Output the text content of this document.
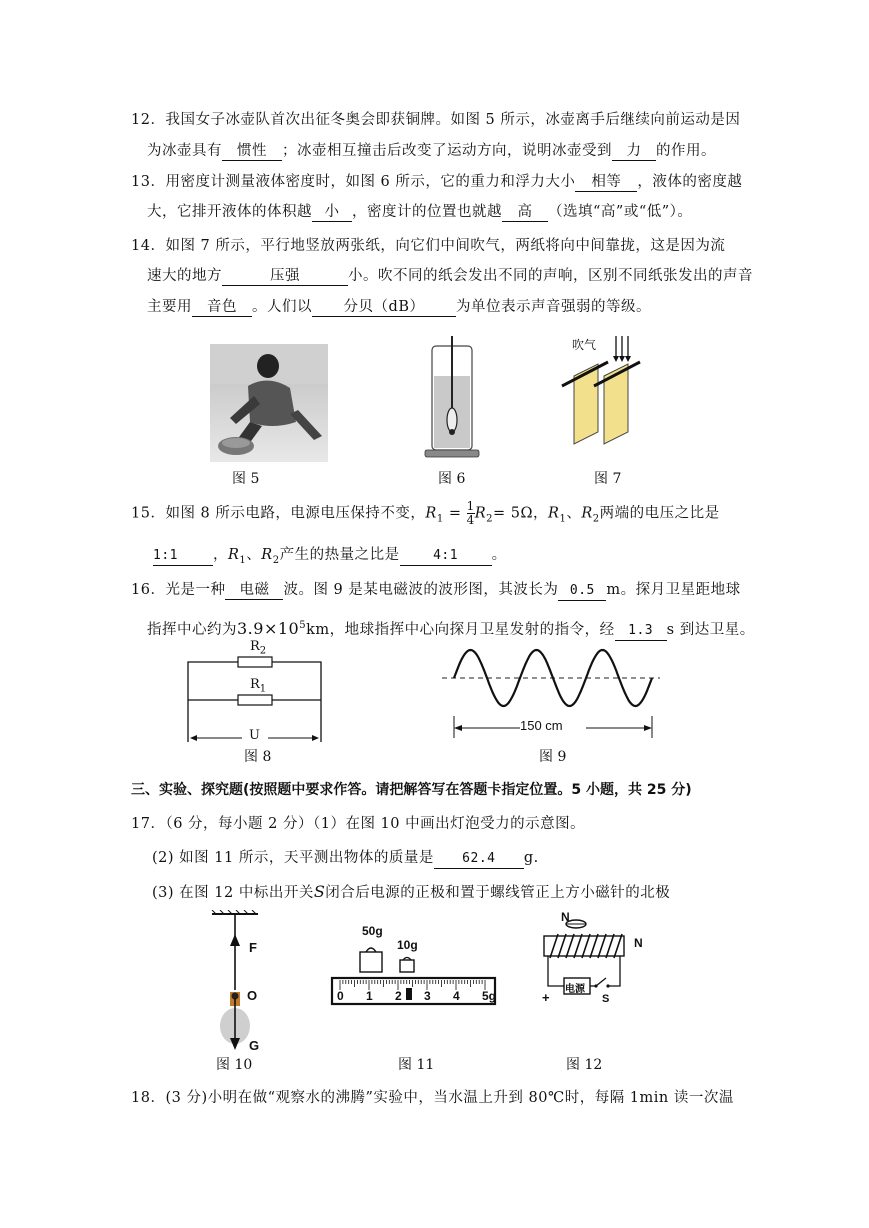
12．我国女子冰壶队首次出征冬奥会即获铜牌。如图 5 所示，冰壶离手后继续向前运动是因
为冰壶具有 惯性 ；冰壶相互撞击后改变了运动方向，说明冰壶受到 力 的作用。
13．用密度计测量液体密度时，如图 6 所示，它的重力和浮力大小 相等 ，液体的密度越
大，它排开液体的体积越 小 ，密度计的位置也就越 高 （选填“高”或“低”）。
14．如图 7 所示，平行地竖放两张纸，向它们中间吹气，两纸将向中间靠拢，这是因为流
速大的地方	压强	小。吹不同的纸会发出不同的声响，区别不同纸张发出的声音
主要用 音色 。人们以 分贝（dB） 为单位表示声音强弱的等级。
图 5	图 6
吹气
图 7
15．如图 8 所示电路，电源电压保持不变，$R_1 = \frac{1}{4} R_2= 5\Omega$，$R_1$、$R_2$两端的电压之比是
1:1 ，$R_1$、$R_2$产生的热量之比是	4:1 。
16．光是一种 电磁 波。图 9 是某电磁波的波形图，其波长为 0.5 m。探月卫星距地球
指挥中心约为$3.9\times 10^5km$，地球指挥中心向探月卫星发射的指令，经 1.3 s 到达卫星。
$R_2$
$R_1$
U
图 8
150 cm
图 9
三、实验、探究题(按照题中要求作答。请把解答写在答题卡指定位置。5 小题，共 25 分)
17．（6 分，每小题 2 分）（1）在图 10 中画出灯泡受力的示意图。
(2) 如图 11 所示，天平测出物体的质量是 62.4 g.
(3) 在图 12 中标出开关S闭合后电源的正极和置于螺线管正上方小磁针的北极
F
O
G
图 10
50g
10g
0 1 2 3 4 5g
图 11
N
N
+
电源
S
图 12
18．(3 分)小明在做“观察水的沸腾”实验中，当水温上升到 80℃时，每隔 1min 读一次温
